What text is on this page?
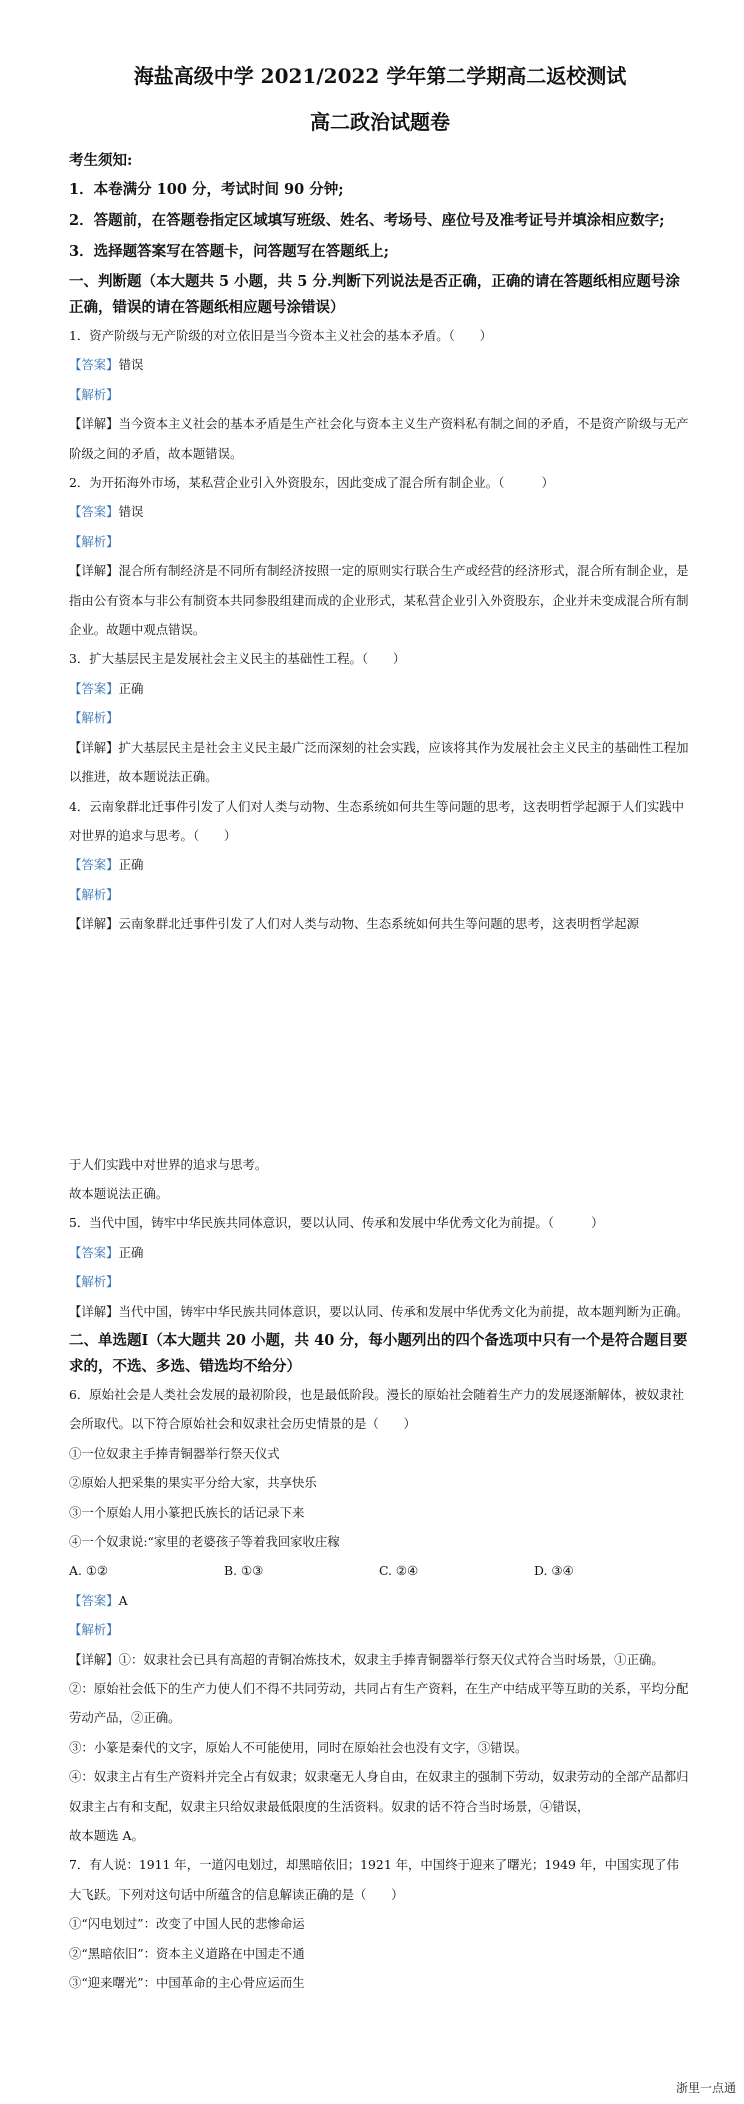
海盐高级中学 2021/2022 学年第二学期高二返校测试
高二政治试题卷
考生须知:
1．本卷满分 100 分，考试时间 90 分钟;
2．答题前，在答题卷指定区域填写班级、姓名、考场号、座位号及准考证号并填涂相应数字;
3．选择题答案写在答题卡，问答题写在答题纸上;
一、判断题（本大题共 5 小题，共 5 分.判断下列说法是否正确，正确的请在答题纸相应题号涂正确，错误的请在答题纸相应题号涂错误）

1．资产阶级与无产阶级的对立依旧是当今资本主义社会的基本矛盾。（　　）

【答案】错误

【解析】

【详解】当今资本主义社会的基本矛盾是生产社会化与资本主义生产资料私有制之间的矛盾，不是资产阶级与无产阶级之间的矛盾，故本题错误。

2．为开拓海外市场，某私营企业引入外资股东，因此变成了混合所有制企业。（　　　）

【答案】错误

【解析】

【详解】混合所有制经济是不同所有制经济按照一定的原则实行联合生产或经营的经济形式，混合所有制企业，是指由公有资本与非公有制资本共同参股组建而成的企业形式，某私营企业引入外资股东，企业并未变成混合所有制企业。故题中观点错误。

3．扩大基层民主是发展社会主义民主的基础性工程。（　　）

【答案】正确

【解析】

【详解】扩大基层民主是社会主义民主最广泛而深刻的社会实践，应该将其作为发展社会主义民主的基础性工程加以推进，故本题说法正确。

4．云南象群北迁事件引发了人们对人类与动物、生态系统如何共生等问题的思考，这表明哲学起源于人们实践中对世界的追求与思考。（　　）

【答案】正确

【解析】

【详解】云南象群北迁事件引发了人们对人类与动物、生态系统如何共生等问题的思考，这表明哲学起源

于人们实践中对世界的追求与思考。

故本题说法正确。

5．当代中国，铸牢中华民族共同体意识，要以认同、传承和发展中华优秀文化为前提。（　　　）

【答案】正确

【解析】

【详解】当代中国，铸牢中华民族共同体意识，要以认同、传承和发展中华优秀文化为前提，故本题判断为正确。

二、单选题Ⅰ（本大题共 20 小题，共 40 分，每小题列出的四个备选项中只有一个是符合题目要求的，不选、多选、错选均不给分）

6．原始社会是人类社会发展的最初阶段，也是最低阶段。漫长的原始社会随着生产力的发展逐渐解体，被奴隶社会所取代。以下符合原始社会和奴隶社会历史情景的是（　　）

①一位奴隶主手捧青铜器举行祭天仪式

②原始人把采集的果实平分给大家，共享快乐

③一个原始人用小篆把氏族长的话记录下来

④一个奴隶说:“家里的老婆孩子等着我回家收庄稼

A. ①②	B. ①③	C. ②④	D. ③④

【答案】A

【解析】

【详解】①：奴隶社会已具有高超的青铜冶炼技术，奴隶主手捧青铜器举行祭天仪式符合当时场景，①正确。

②：原始社会低下的生产力使人们不得不共同劳动，共同占有生产资料，在生产中结成平等互助的关系，平均分配劳动产品，②正确。

③：小篆是秦代的文字，原始人不可能使用，同时在原始社会也没有文字，③错误。

④：奴隶主占有生产资料并完全占有奴隶；奴隶毫无人身自由，在奴隶主的强制下劳动，奴隶劳动的全部产品都归奴隶主占有和支配，奴隶主只给奴隶最低限度的生活资料。奴隶的话不符合当时场景，④错误，

故本题选 A。

7．有人说：1911 年，一道闪电划过，却黑暗依旧；1921 年，中国终于迎来了曙光；1949 年，中国实现了伟大飞跃。下列对这句话中所蕴含的信息解读正确的是（　　）

①“闪电划过”：改变了中国人民的悲惨命运

②“黑暗依旧”：资本主义道路在中国走不通

③“迎来曙光”：中国革命的主心骨应运而生

浙里一点通
